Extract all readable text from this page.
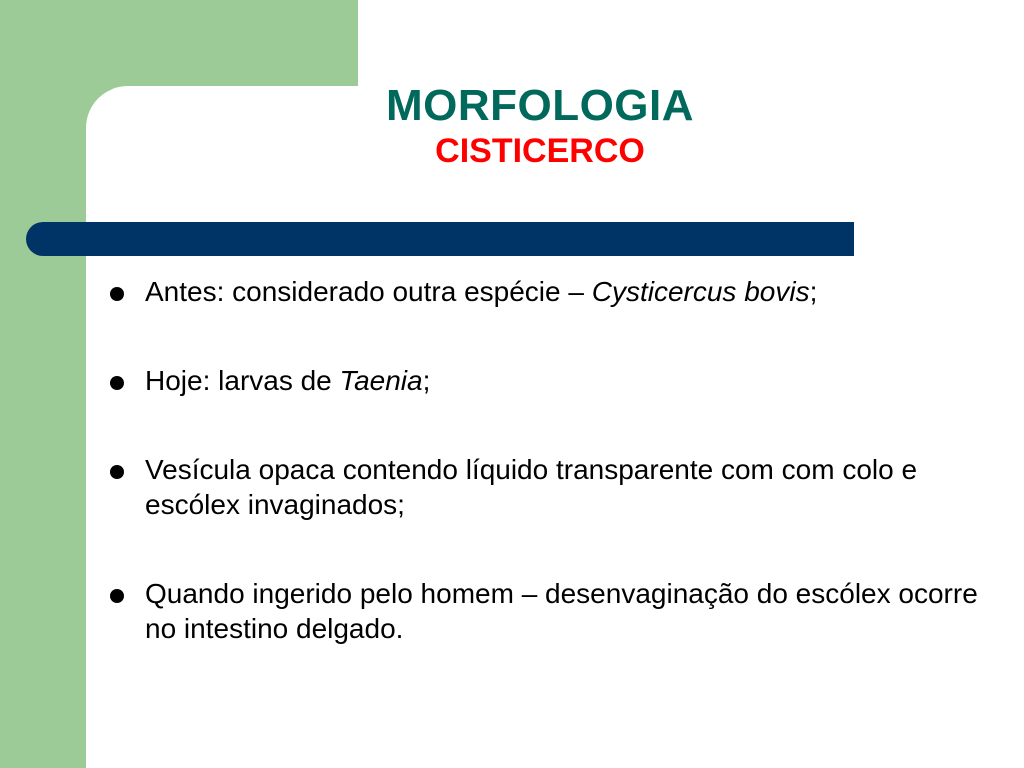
MORFOLOGIA
CISTICERCO
Antes: considerado outra espécie – Cysticercus bovis;
Hoje: larvas de Taenia;
Vesícula opaca contendo líquido transparente com com colo e escólex invaginados;
Quando ingerido pelo homem – desenvaginação do escólex ocorre no intestino delgado.
